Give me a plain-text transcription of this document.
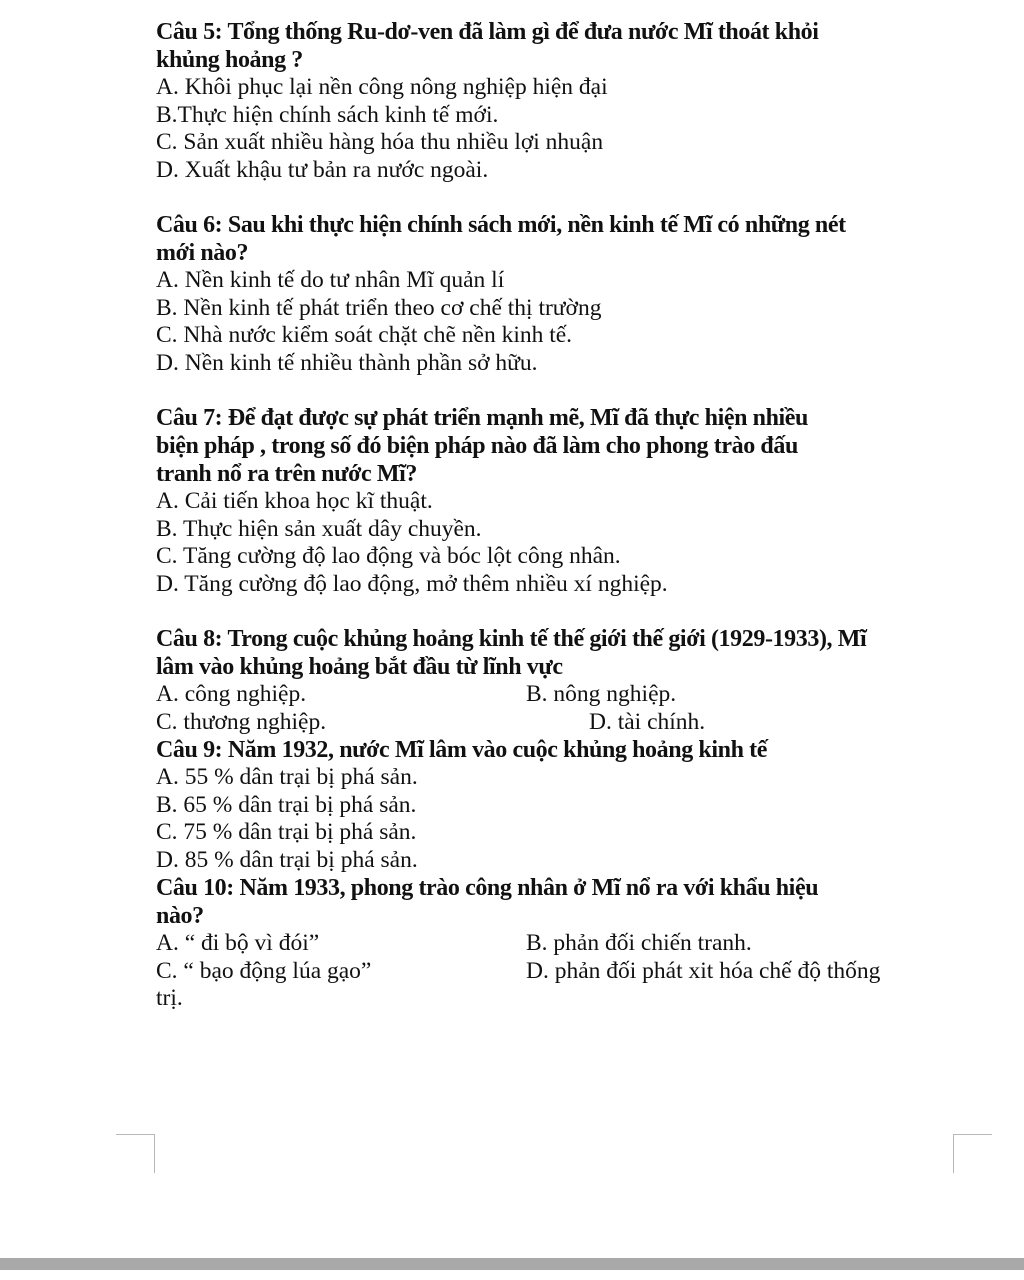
Câu 5: Tổng thống Ru-dơ-ven đã làm gì để đưa nước Mĩ thoát khỏi

khủng hoảng ?

A. Khôi phục lại nền công nông nghiệp hiện đại

B.Thực hiện chính sách kinh tế mới.

C. Sản xuất nhiều hàng hóa thu nhiều lợi nhuận

D. Xuất khậu tư bản ra nước ngoài.

Câu 6: Sau khi thực hiện chính sách mới, nền kinh tế Mĩ có những nét

mới nào?

A. Nền kinh tế do tư nhân Mĩ quản lí

B. Nền kinh tế phát triển theo cơ chế thị trường

C. Nhà nước kiểm soát chặt chẽ nền kinh tế.

D. Nền kinh tế nhiều thành phần sở hữu.

Câu 7: Để đạt được sự phát triển mạnh mẽ, Mĩ đã thực hiện nhiều

biện pháp , trong số đó biện pháp nào đã làm cho phong trào đấu

tranh nổ ra trên nước Mĩ?

A. Cải tiến khoa học kĩ thuật.

B. Thực hiện sản xuất dây chuyền.

C. Tăng cường độ lao động và bóc lột công nhân.

D. Tăng cường độ lao động, mở thêm nhiều xí nghiệp.

Câu 8: Trong cuộc khủng hoảng kinh tế thế giới thế giới (1929-1933), Mĩ

lâm vào khủng hoảng bắt đầu từ lĩnh vực

A. công nghiệp.	B. nông nghiệp.
C. thương nghiệp.	D. tài chính.

Câu 9: Năm 1932, nước Mĩ lâm vào cuộc khủng hoảng kinh tế

A. 55 % dân trại bị phá sản.

B. 65 % dân trại bị phá sản.

C. 75 % dân trại bị phá sản.

D. 85 % dân trại bị phá sản.

Câu 10: Năm 1933, phong trào công nhân ở Mĩ nổ ra với khẩu hiệu

nào?

A. “ đi bộ vì đói”	B. phản đối chiến tranh.
C. “ bạo động lúa gạo”	D. phản đối phát xit hóa chế độ thống

trị.
